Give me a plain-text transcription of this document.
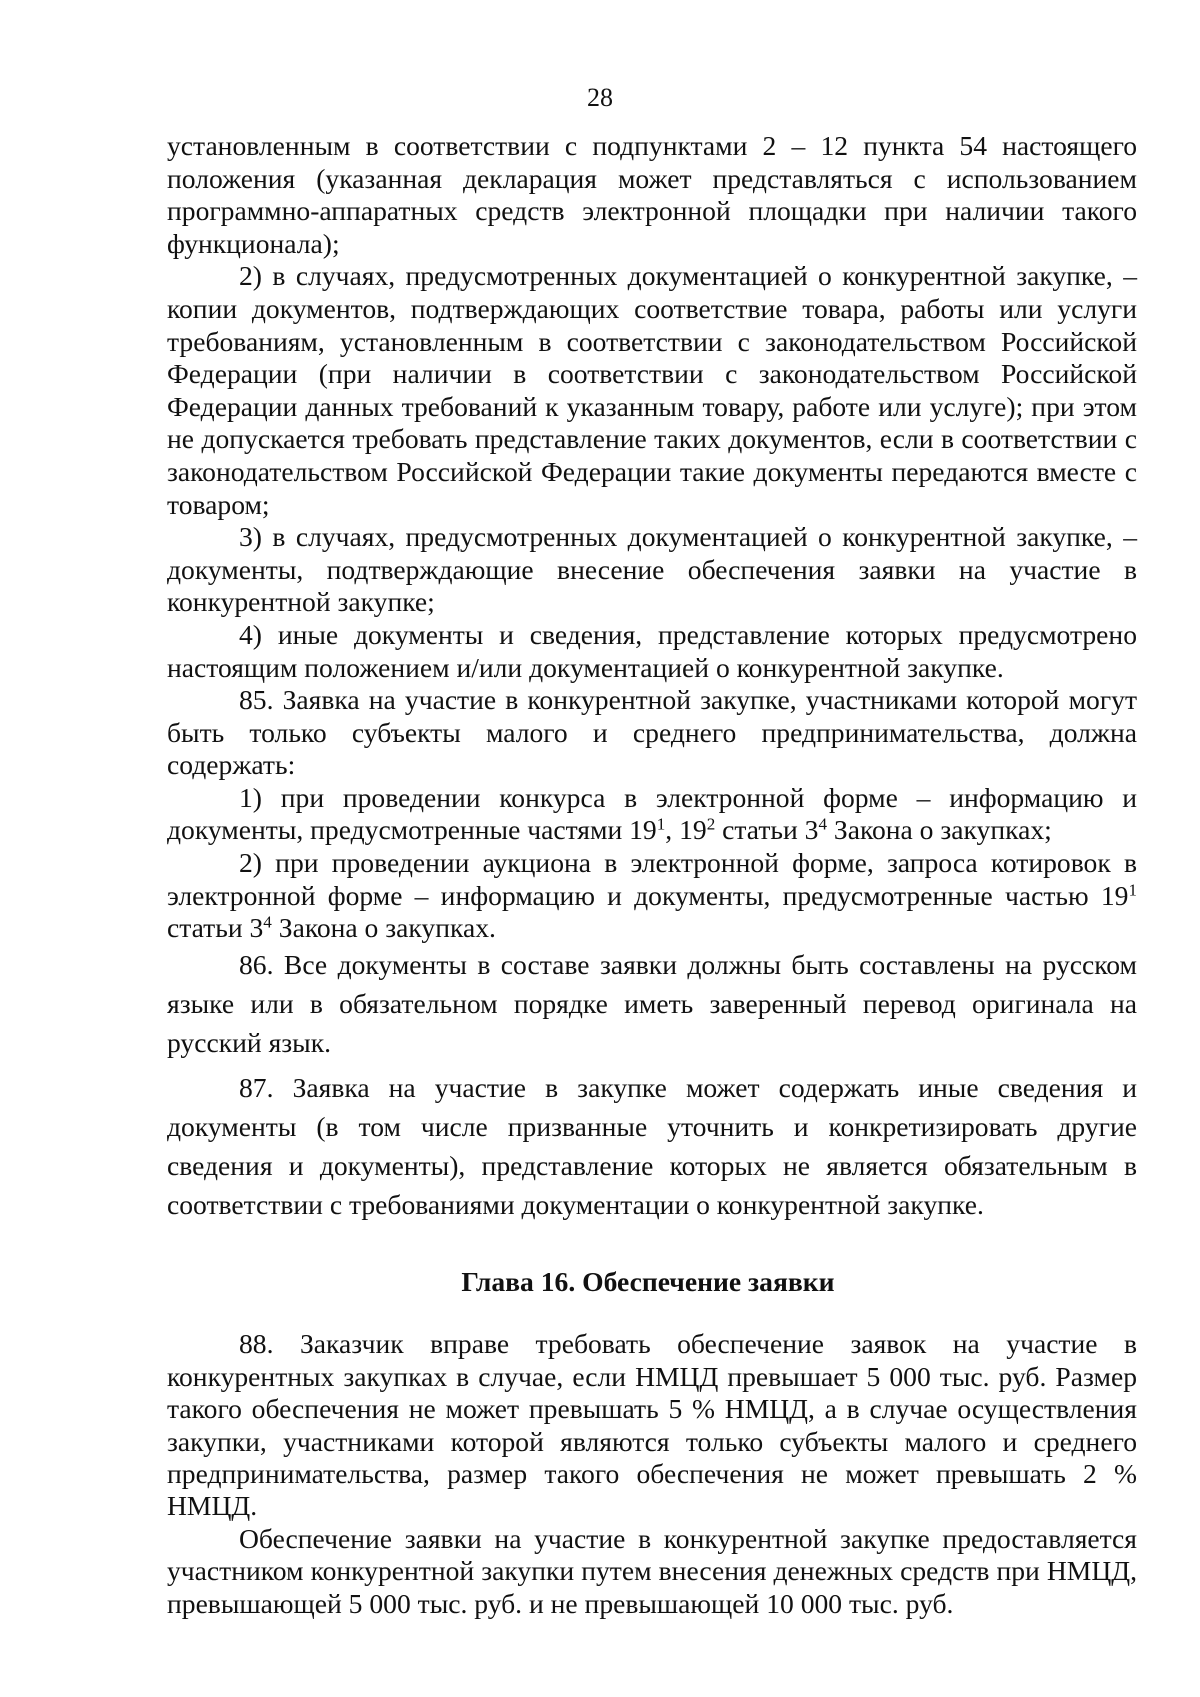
28

установленным в соответствии с подпунктами 2 – 12 пункта 54 настоящего положения (указанная декларация может представляться с использованием программно-аппаратных средств электронной площадки при наличии такого функционала);

2) в случаях, предусмотренных документацией о конкурентной закупке, – копии документов, подтверждающих соответствие товара, работы или услуги требованиям, установленным в соответствии с законодательством Российской Федерации (при наличии в соответствии с законодательством Российской Федерации данных требований к указанным товару, работе или услуге); при этом не допускается требовать представление таких документов, если в соответствии с законодательством Российской Федерации такие документы передаются вместе с товаром;

3) в случаях, предусмотренных документацией о конкурентной закупке, – документы, подтверждающие внесение обеспечения заявки на участие в конкурентной закупке;

4) иные документы и сведения, представление которых предусмотрено настоящим положением и/или документацией о конкурентной закупке.

85. Заявка на участие в конкурентной закупке, участниками которой могут быть только субъекты малого и среднего предпринимательства, должна содержать:

1) при проведении конкурса в электронной форме – информацию и документы, предусмотренные частями $19^1$, $19^2$ статьи $3^4$ Закона о закупках;

2) при проведении аукциона в электронной форме, запроса котировок в электронной форме – информацию и документы, предусмотренные частью $19^1$ статьи $3^4$ Закона о закупках.

86. Все документы в составе заявки должны быть составлены на русском языке или в обязательном порядке иметь заверенный перевод оригинала на русский язык.

87. Заявка на участие в закупке может содержать иные сведения и документы (в том числе призванные уточнить и конкретизировать другие сведения и документы), представление которых не является обязательным в соответствии с требованиями документации о конкурентной закупке.

Глава 16. Обеспечение заявки

88. Заказчик вправе требовать обеспечение заявок на участие в конкурентных закупках в случае, если НМЦД превышает 5 000 тыс. руб. Размер такого обеспечения не может превышать 5 % НМЦД, а в случае осуществления закупки, участниками которой являются только субъекты малого и среднего предпринимательства, размер такого обеспечения не может превышать 2 % НМЦД.

Обеспечение заявки на участие в конкурентной закупке предоставляется участником конкурентной закупки путем внесения денежных средств при НМЦД, превышающей 5 000 тыс. руб. и не превышающей 10 000 тыс. руб.
